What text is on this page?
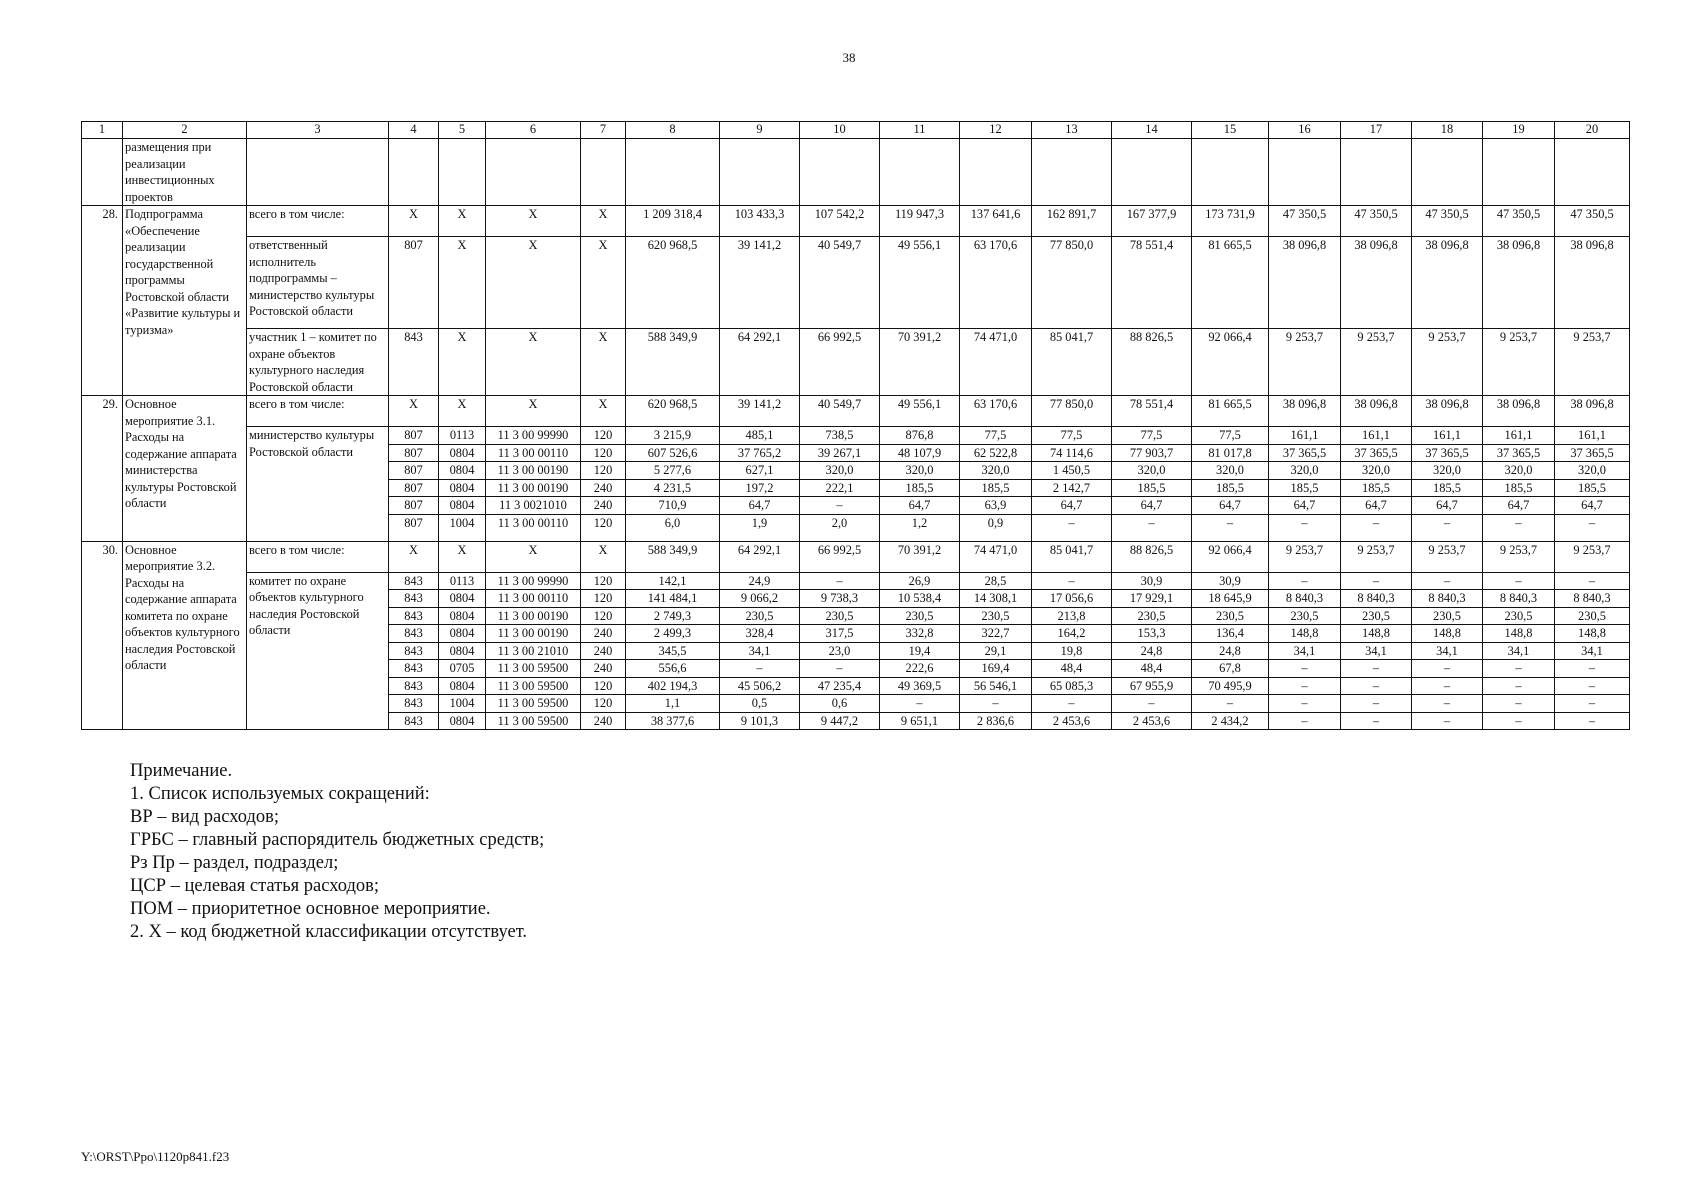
38
1	2	3	4	5	6	7	8	9	10	11	12	13	14	15	16	17	18	19	20
	размещения при реализации инвестиционных проектов																		
28.	Подпрограмма «Обеспечение реализации государственной программы Ростовской области «Развитие культуры и туризма»	всего в том числе:	Х	Х	Х	Х	1 209 318,4	103 433,3	107 542,2	119 947,3	137 641,6	162 891,7	167 377,9	173 731,9	47 350,5	47 350,5	47 350,5	47 350,5	47 350,5
		ответственный исполнитель подпрограммы – министерство культуры Ростовской области	807	Х	Х	Х	620 968,5	39 141,2	40 549,7	49 556,1	63 170,6	77 850,0	78 551,4	81 665,5	38 096,8	38 096,8	38 096,8	38 096,8	38 096,8
		участник 1 – комитет по охране объектов культурного наследия Ростовской области	843	Х	Х	Х	588 349,9	64 292,1	66 992,5	70 391,2	74 471,0	85 041,7	88 826,5	92 066,4	9 253,7	9 253,7	9 253,7	9 253,7	9 253,7
29.	Основное мероприятие 3.1. Расходы на содержание аппарата министерства культуры Ростовской области	всего в том числе:	Х	Х	Х	Х	620 968,5	39 141,2	40 549,7	49 556,1	63 170,6	77 850,0	78 551,4	81 665,5	38 096,8	38 096,8	38 096,8	38 096,8	38 096,8
		министерство культуры Ростовской области	807	0113	11 3 00 99990	120	3 215,9	485,1	738,5	876,8	77,5	77,5	77,5	77,5	161,1	161,1	161,1	161,1	161,1
			807	0804	11 3 00 00110	120	607 526,6	37 765,2	39 267,1	48 107,9	62 522,8	74 114,6	77 903,7	81 017,8	37 365,5	37 365,5	37 365,5	37 365,5	37 365,5
			807	0804	11 3 00 00190	120	5 277,6	627,1	320,0	320,0	320,0	1 450,5	320,0	320,0	320,0	320,0	320,0	320,0	320,0
			807	0804	11 3 00 00190	240	4 231,5	197,2	222,1	185,5	185,5	2 142,7	185,5	185,5	185,5	185,5	185,5	185,5	185,5
			807	0804	11 3 0021010	240	710,9	64,7	–	64,7	63,9	64,7	64,7	64,7	64,7	64,7	64,7	64,7	64,7
			807	1004	11 3 00 00110	120	6,0	1,9	2,0	1,2	0,9	–	–	–	–	–	–	–	–
30.	Основное мероприятие 3.2. Расходы на содержание аппарата комитета по охране объектов культурного наследия Ростовской области	всего в том числе:	Х	Х	Х	Х	588 349,9	64 292,1	66 992,5	70 391,2	74 471,0	85 041,7	88 826,5	92 066,4	9 253,7	9 253,7	9 253,7	9 253,7	9 253,7
		комитет по охране объектов культурного наследия Ростовской области	843	0113	11 3 00 99990	120	142,1	24,9	–	26,9	28,5	–	30,9	30,9	–	–	–	–	–
			843	0804	11 3 00 00110	120	141 484,1	9 066,2	9 738,3	10 538,4	14 308,1	17 056,6	17 929,1	18 645,9	8 840,3	8 840,3	8 840,3	8 840,3	8 840,3
			843	0804	11 3 00 00190	120	2 749,3	230,5	230,5	230,5	230,5	213,8	230,5	230,5	230,5	230,5	230,5	230,5	230,5
			843	0804	11 3 00 00190	240	2 499,3	328,4	317,5	332,8	322,7	164,2	153,3	136,4	148,8	148,8	148,8	148,8	148,8
			843	0804	11 3 00 21010	240	345,5	34,1	23,0	19,4	29,1	19,8	24,8	24,8	34,1	34,1	34,1	34,1	34,1
			843	0705	11 3 00 59500	240	556,6	–	–	222,6	169,4	48,4	48,4	67,8	–	–	–	–	–
			843	0804	11 3 00 59500	120	402 194,3	45 506,2	47 235,4	49 369,5	56 546,1	65 085,3	67 955,9	70 495,9	–	–	–	–	–
			843	1004	11 3 00 59500	120	1,1	0,5	0,6	–	–	–	–	–	–	–	–	–	–
			843	0804	11 3 00 59500	240	38 377,6	9 101,3	9 447,2	9 651,1	2 836,6	2 453,6	2 453,6	2 434,2	–	–	–	–	–
Примечание.
1. Список используемых сокращений:
ВР – вид расходов;
ГРБС – главный распорядитель бюджетных средств;
Рз Пр – раздел, подраздел;
ЦСР – целевая статья расходов;
ПОМ – приоритетное основное мероприятие.
2. Х – код бюджетной классификации отсутствует.
Y:\ORST\Ppo\1120p841.f23
